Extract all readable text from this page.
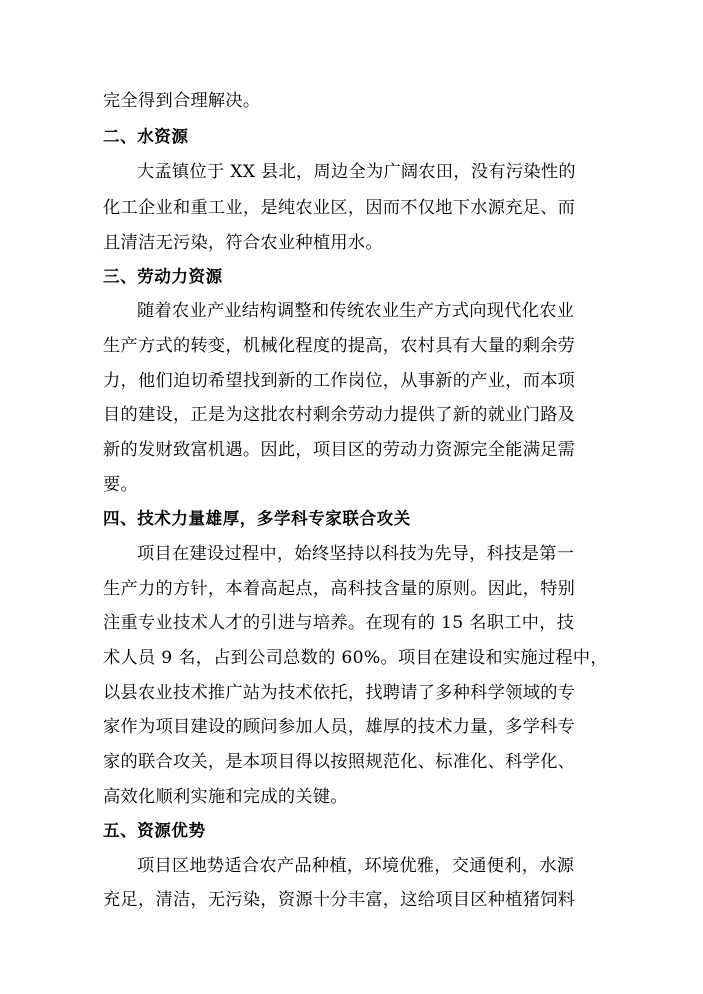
完全得到合理解决。
二、水资源
大孟镇位于 XX 县北，周边全为广阔农田，没有污染性的
化工企业和重工业，是纯农业区，因而不仅地下水源充足、而
且清洁无污染，符合农业种植用水。
三、劳动力资源
随着农业产业结构调整和传统农业生产方式向现代化农业
生产方式的转变，机械化程度的提高，农村具有大量的剩余劳
力，他们迫切希望找到新的工作岗位，从事新的产业，而本项
目的建设，正是为这批农村剩余劳动力提供了新的就业门路及
新的发财致富机遇。因此，项目区的劳动力资源完全能满足需
要。
四、技术力量雄厚，多学科专家联合攻关
项目在建设过程中，始终坚持以科技为先导，科技是第一
生产力的方针，本着高起点，高科技含量的原则。因此，特别
注重专业技术人才的引进与培养。在现有的 15 名职工中，技
术人员 9 名，占到公司总数的 60%。项目在建设和实施过程中，
以县农业技术推广站为技术依托，找聘请了多种科学领域的专
家作为项目建设的顾问参加人员，雄厚的技术力量，多学科专
家的联合攻关，是本项目得以按照规范化、标准化、科学化、
高效化顺利实施和完成的关键。
五、资源优势
项目区地势适合农产品种植，环境优雅，交通便利，水源
充足，清洁，无污染，资源十分丰富，这给项目区种植猪饲料
